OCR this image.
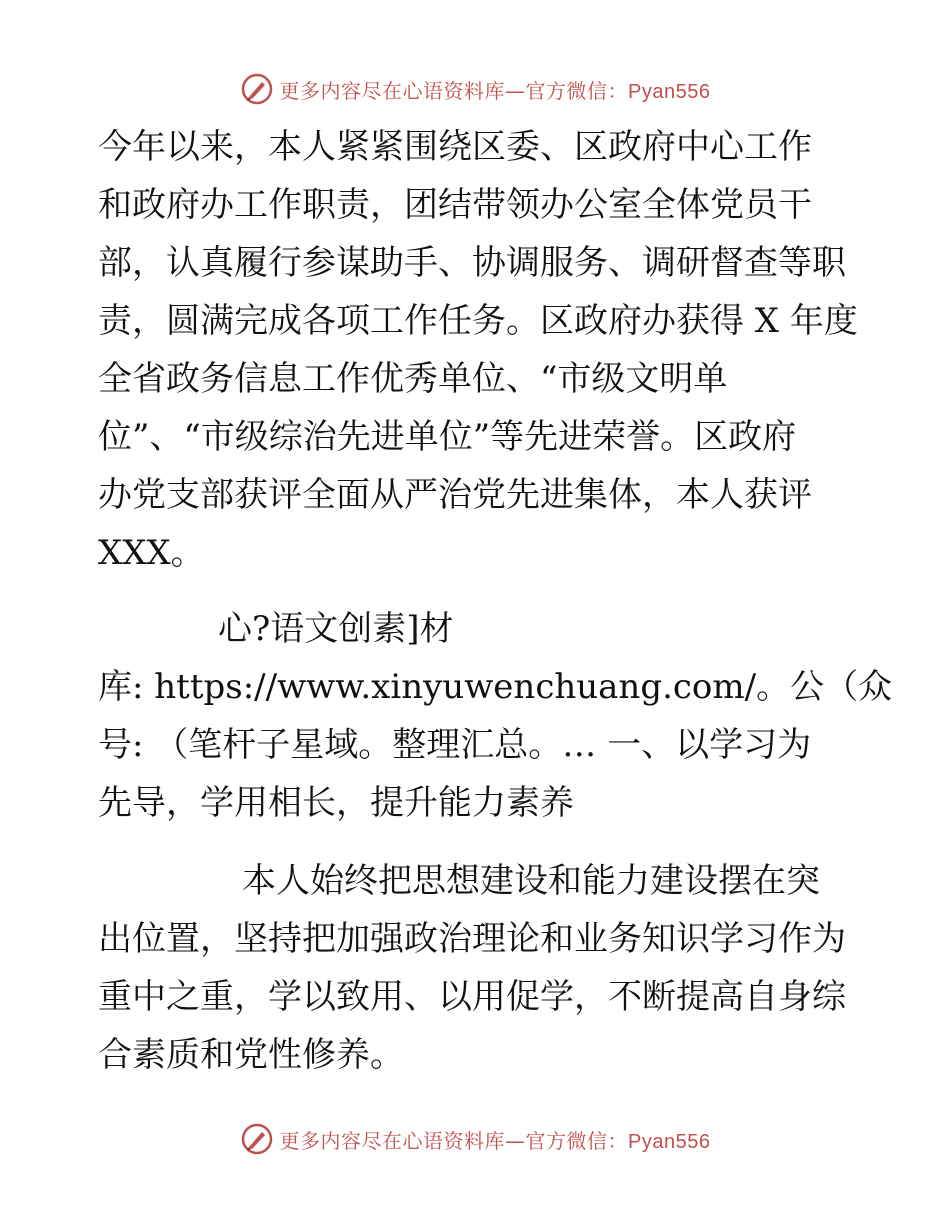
更多内容尽在心语资料库—官方微信：Pyan556
今年以来，本人紧紧围绕区委、区政府中心工作
和政府办工作职责，团结带领办公室全体党员干
部，认真履行参谋助手、协调服务、调研督查等职
责，圆满完成各项工作任务。区政府办获得 X 年度
全省政务信息工作优秀单位、“市级文明单
位”、“市级综治先进单位”等先进荣誉。区政府
办党支部获评全面从严治党先进集体，本人获评
XXX。
心?语文创素]材
库: https://www.xinyuwenchuang.com/。公（众
号: （笔杆子星域。整理汇总。… 一、以学习为
先导，学用相长，提升能力素养
本人始终把思想建设和能力建设摆在突
出位置，坚持把加强政治理论和业务知识学习作为
重中之重，学以致用、以用促学，不断提高自身综
合素质和党性修养。
更多内容尽在心语资料库—官方微信：Pyan556
